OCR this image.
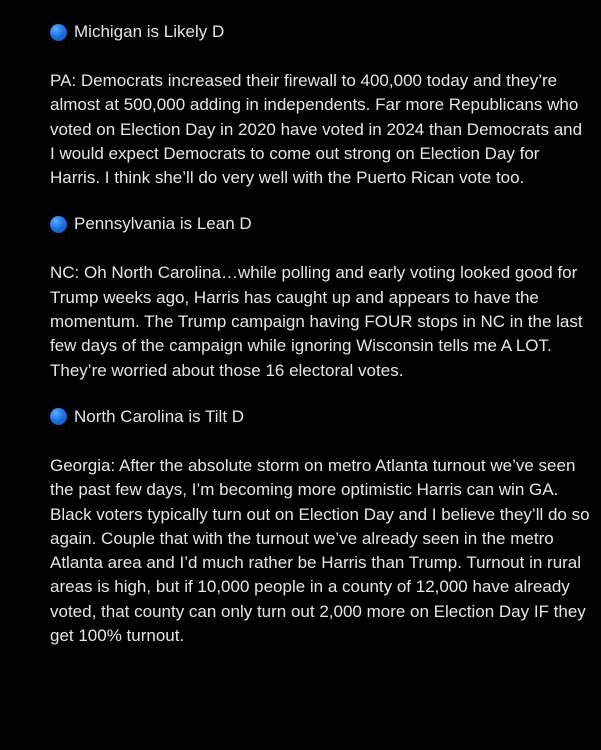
Michigan is Likely D

PA: Democrats increased their firewall to 400,000 today and they’re almost at 500,000 adding in independents. Far more Republicans who voted on Election Day in 2020 have voted in 2024 than Democrats and I would expect Democrats to come out strong on Election Day for Harris. I think she’ll do very well with the Puerto Rican vote too.

Pennsylvania is Lean D

NC: Oh North Carolina…while polling and early voting looked good for Trump weeks ago, Harris has caught up and appears to have the momentum. The Trump campaign having FOUR stops in NC in the last few days of the campaign while ignoring Wisconsin tells me A LOT. They’re worried about those 16 electoral votes.

North Carolina is Tilt D

Georgia: After the absolute storm on metro Atlanta turnout we’ve seen the past few days, I’m becoming more optimistic Harris can win GA. Black voters typically turn out on Election Day and I believe they’ll do so again. Couple that with the turnout we’ve already seen in the metro Atlanta area and I’d much rather be Harris than Trump. Turnout in rural areas is high, but if 10,000 people in a county of 12,000 have already voted, that county can only turn out 2,000 more on Election Day IF they get 100% turnout.
